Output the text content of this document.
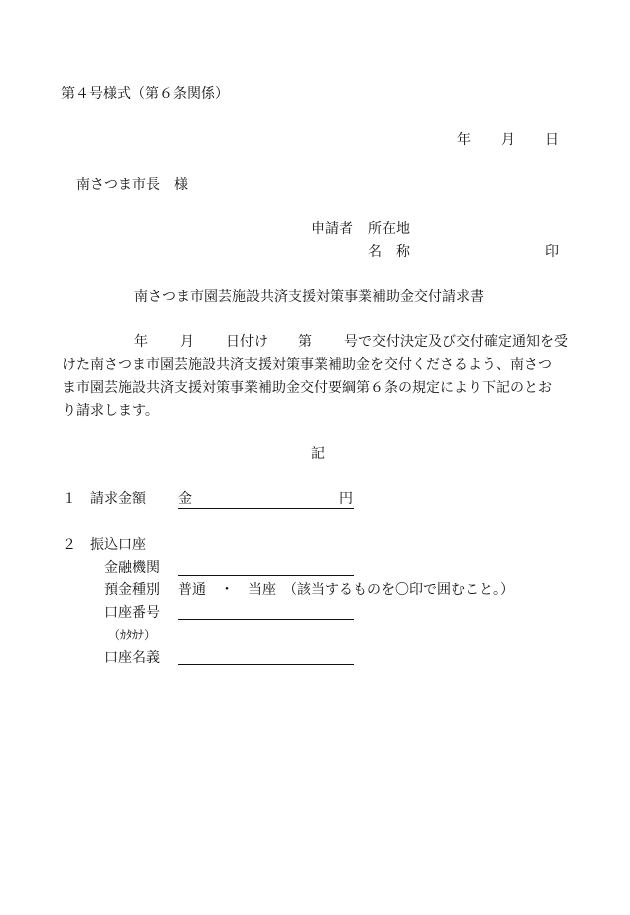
第４号様式（第６条関係）
年 月 日
南さつま市長　様
申請者 所在地
名　称	印
南さつま市園芸施設共済支援対策事業補助金交付請求書
年 月 日付け 第 号で交付決定及び交付確定通知を受
けた南さつま市園芸施設共済支援対策事業補助金を交付くださるよう、南さつ
ま市園芸施設共済支援対策事業補助金交付要綱第６条の規定により下記のとお
り請求します。
記
１ 請求金額 金	円
２ 振込口座
金融機関
預金種別 普通　・　当座　（該当するものを〇印で囲むこと。）
口座番号
（ｶﾀｶﾅ）
口座名義
